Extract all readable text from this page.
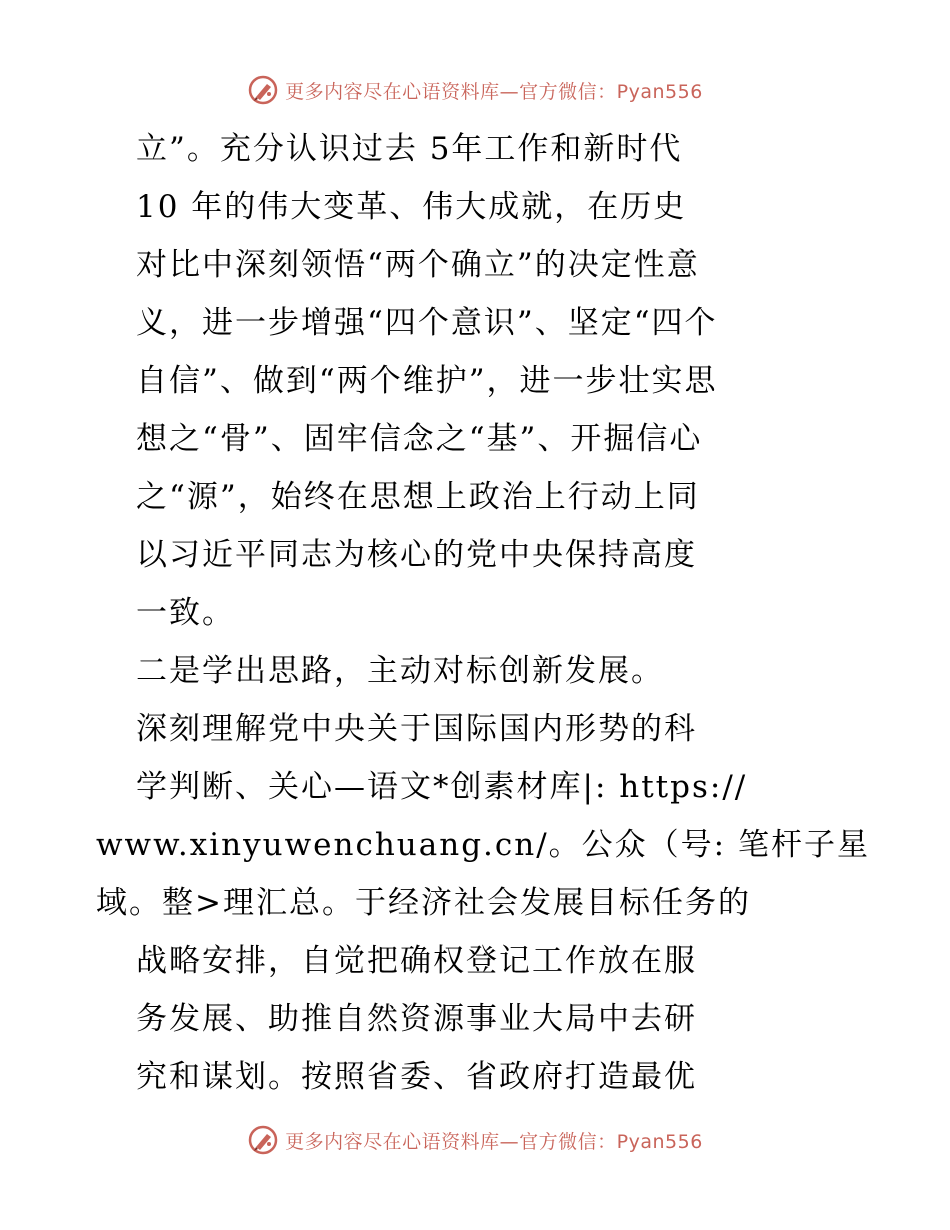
更多内容尽在心语资料库—官方微信：Pyan556
立”。充分认识过去 5年工作和新时代
10 年的伟大变革、伟大成就，在历史
对比中深刻领悟“两个确立”的决定性意
义，进一步增强“四个意识”、坚定“四个
自信”、做到“两个维护”，进一步壮实思
想之“骨”、固牢信念之“基”、开掘信心
之“源”，始终在思想上政治上行动上同
以习近平同志为核心的党中央保持高度
一致。
二是学出思路，主动对标创新发展。
深刻理解党中央关于国际国内形势的科
学判断、关心—语文*创素材库|: https://
www.xinyuwenchuang.cn/。公众（号: 笔杆子星
域。整>理汇总。于经济社会发展目标任务的
战略安排，自觉把确权登记工作放在服
务发展、助推自然资源事业大局中去研
究和谋划。按照省委、省政府打造最优
更多内容尽在心语资料库—官方微信：Pyan556
